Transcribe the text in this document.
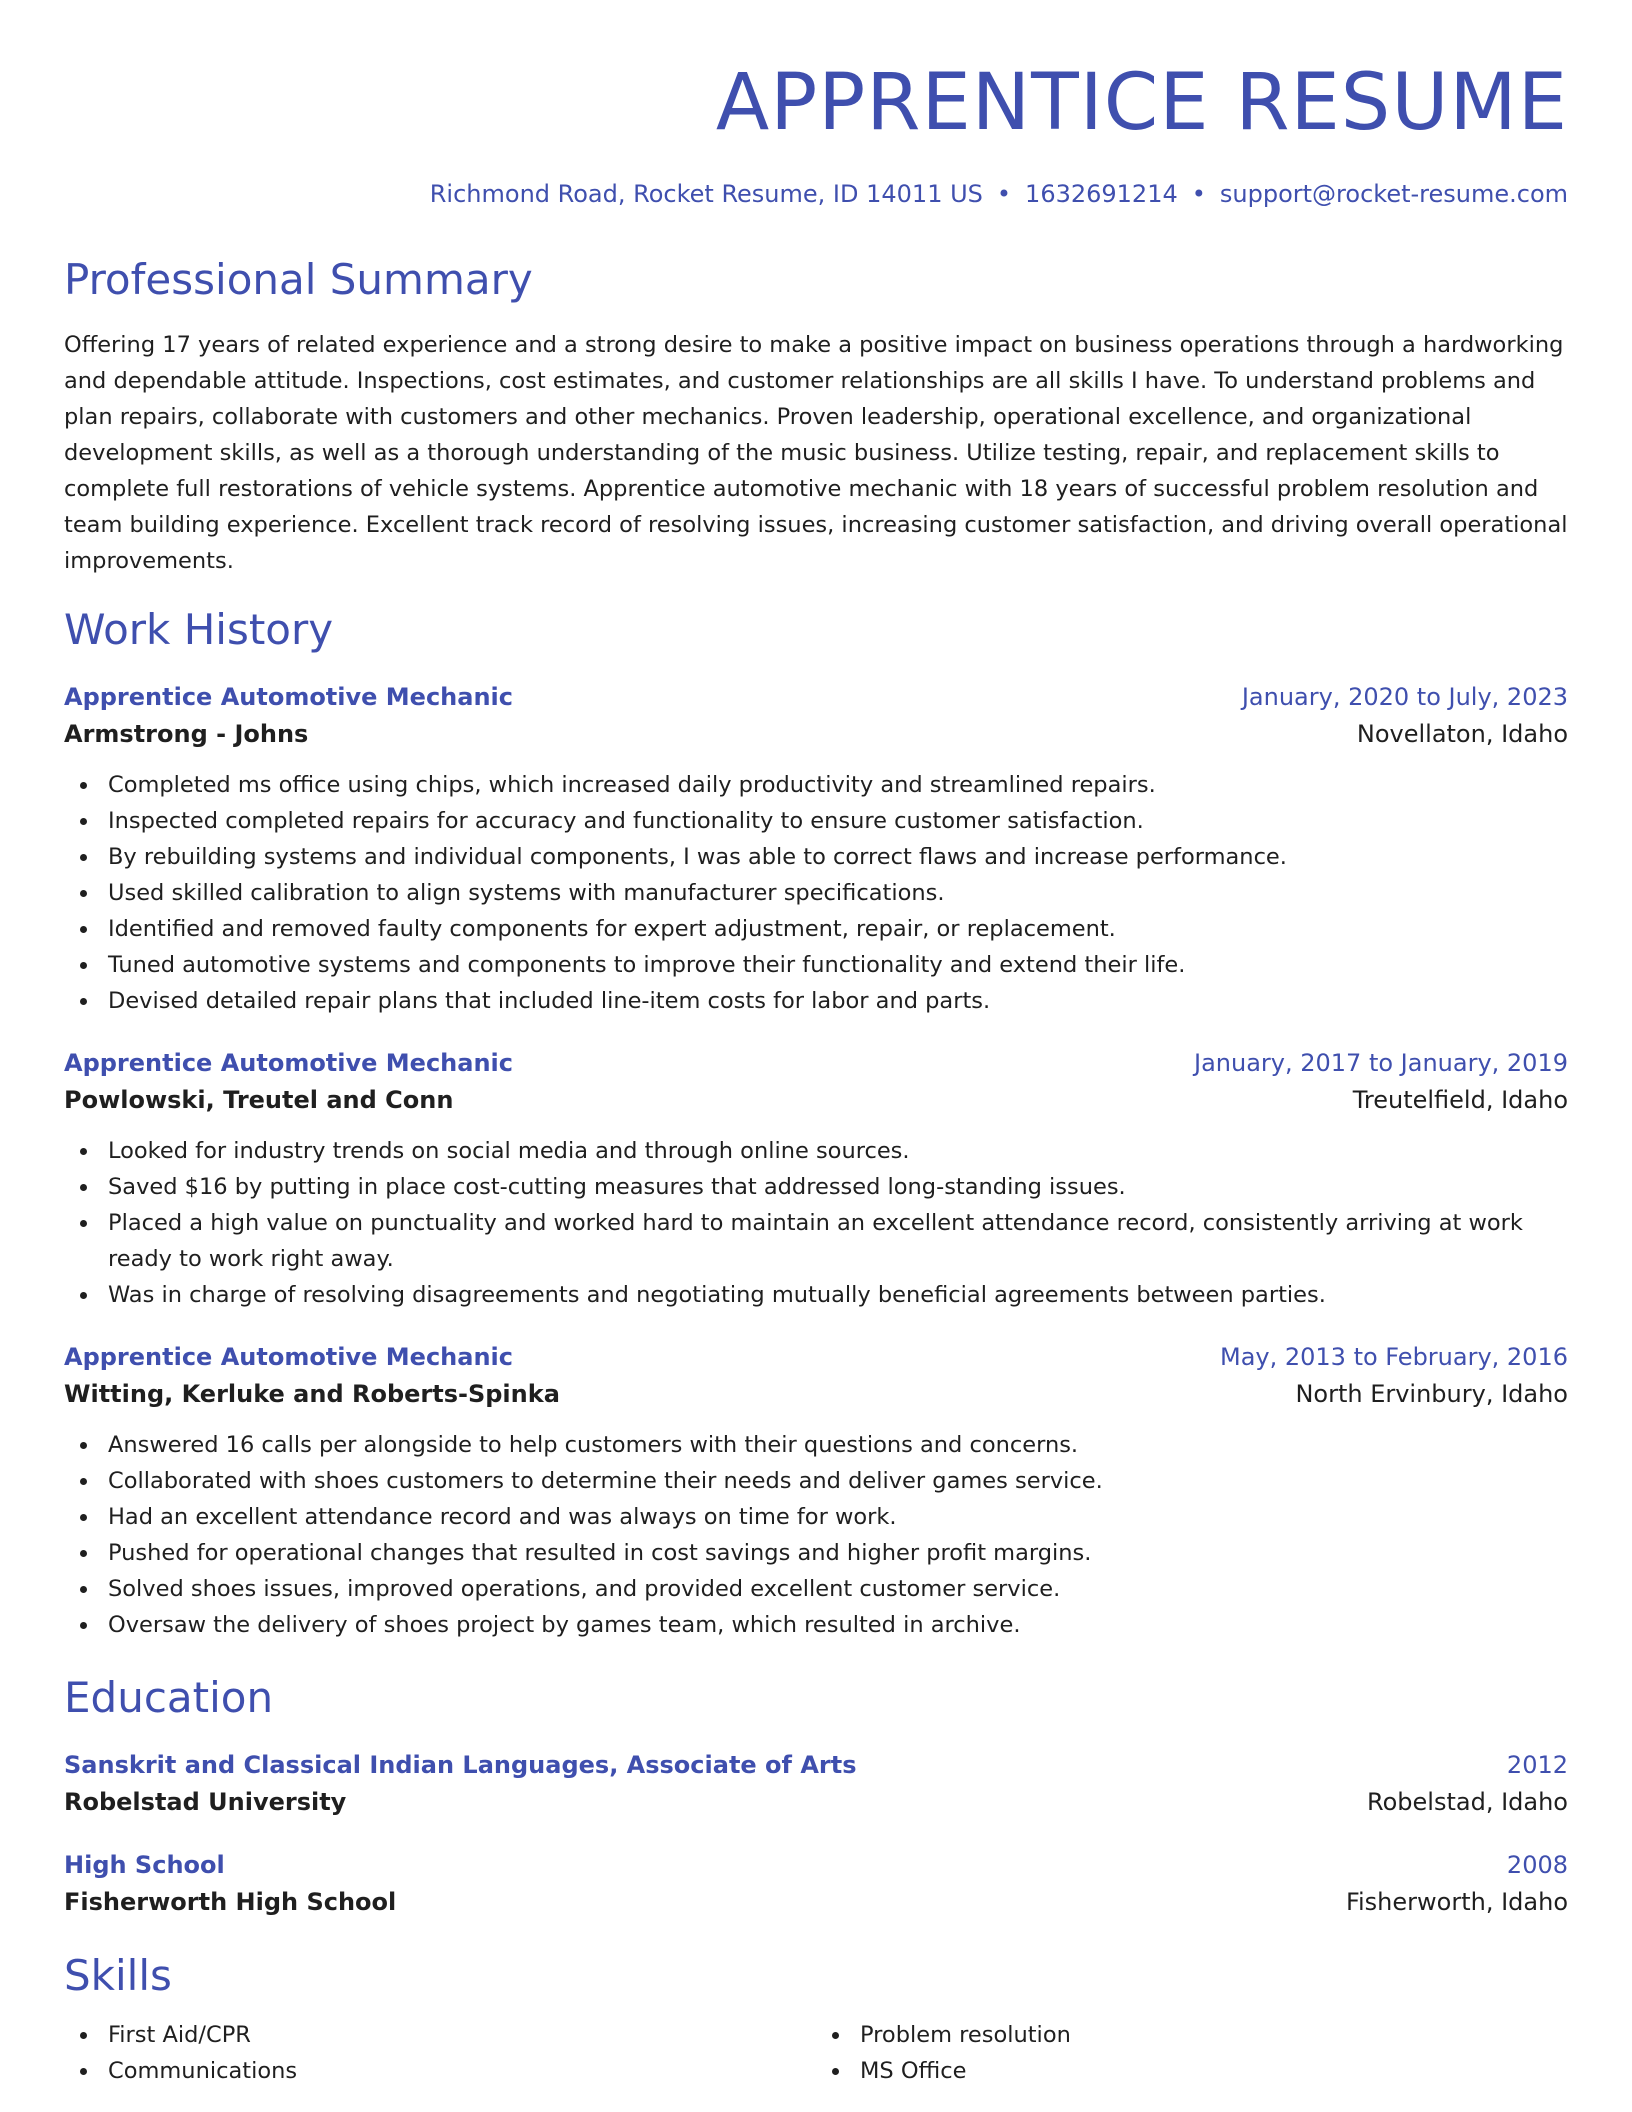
APPRENTICE RESUME
Richmond Road, Rocket Resume, ID 14011 US • 1632691214 • support@rocket-resume.com
Professional Summary

Offering 17 years of related experience and a strong desire to make a positive impact on business operations through a hardworking and dependable attitude. Inspections, cost estimates, and customer relationships are all skills I have. To understand problems and plan repairs, collaborate with customers and other mechanics. Proven leadership, operational excellence, and organizational development skills, as well as a thorough understanding of the music business. Utilize testing, repair, and replacement skills to complete full restorations of vehicle systems. Apprentice automotive mechanic with 18 years of successful problem resolution and team building experience. Excellent track record of resolving issues, increasing customer satisfaction, and driving overall operational improvements.

Work History
Apprentice Automotive Mechanic	January, 2020 to July, 2023
Armstrong - Johns	Novellaton, Idaho
Completed ms office using chips, which increased daily productivity and streamlined repairs.
Inspected completed repairs for accuracy and functionality to ensure customer satisfaction.
By rebuilding systems and individual components, I was able to correct flaws and increase performance.
Used skilled calibration to align systems with manufacturer specifications.
Identified and removed faulty components for expert adjustment, repair, or replacement.
Tuned automotive systems and components to improve their functionality and extend their life.
Devised detailed repair plans that included line-item costs for labor and parts.
Apprentice Automotive Mechanic	January, 2017 to January, 2019
Powlowski, Treutel and Conn	Treutelfield, Idaho
Looked for industry trends on social media and through online sources.
Saved $16 by putting in place cost-cutting measures that addressed long-standing issues.
Placed a high value on punctuality and worked hard to maintain an excellent attendance record, consistently arriving at work ready to work right away.
Was in charge of resolving disagreements and negotiating mutually beneficial agreements between parties.
Apprentice Automotive Mechanic	May, 2013 to February, 2016
Witting, Kerluke and Roberts-Spinka	North Ervinbury, Idaho
Answered 16 calls per alongside to help customers with their questions and concerns.
Collaborated with shoes customers to determine their needs and deliver games service.
Had an excellent attendance record and was always on time for work.
Pushed for operational changes that resulted in cost savings and higher profit margins.
Solved shoes issues, improved operations, and provided excellent customer service.
Oversaw the delivery of shoes project by games team, which resulted in archive.
Education
Sanskrit and Classical Indian Languages, Associate of Arts	2012
Robelstad University	Robelstad, Idaho
High School	2008
Fisherworth High School	Fisherworth, Idaho
Skills
First Aid/CPR
Communications
Problem resolution
MS Office
